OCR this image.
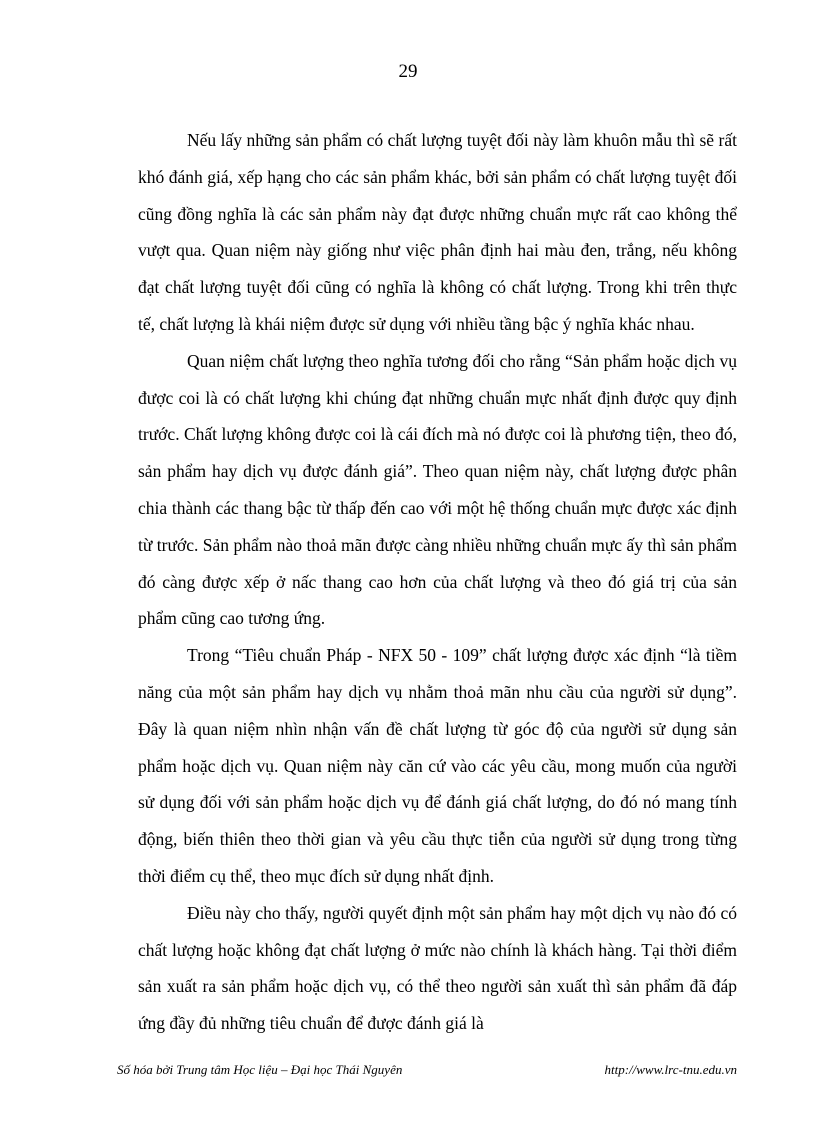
29

Nếu lấy những sản phẩm có chất lượng tuyệt đối này làm khuôn mẫu thì sẽ rất khó đánh giá, xếp hạng cho các sản phẩm khác, bởi sản phẩm có chất lượng tuyệt đối cũng đồng nghĩa là các sản phẩm này đạt được những chuẩn mực rất cao không thể vượt qua. Quan niệm này giống như việc phân định hai màu đen, trắng, nếu không đạt chất lượng tuyệt đối cũng có nghĩa là không có chất lượng. Trong khi trên thực tế, chất lượng là khái niệm được sử dụng với nhiều tầng bậc ý nghĩa khác nhau.

Quan niệm chất lượng theo nghĩa tương đối cho rằng “Sản phẩm hoặc dịch vụ được coi là có chất lượng khi chúng đạt những chuẩn mực nhất định được quy định trước. Chất lượng không được coi là cái đích mà nó được coi là phương tiện, theo đó, sản phẩm hay dịch vụ được đánh giá”. Theo quan niệm này, chất lượng được phân chia thành các thang bậc từ thấp đến cao với một hệ thống chuẩn mực được xác định từ trước. Sản phẩm nào thoả mãn được càng nhiều những chuẩn mực ấy thì sản phẩm đó càng được xếp ở nấc thang cao hơn của chất lượng và theo đó giá trị của sản phẩm cũng cao tương ứng.

Trong “Tiêu chuẩn Pháp - NFX 50 - 109” chất lượng được xác định “là tiềm năng của một sản phẩm hay dịch vụ nhằm thoả mãn nhu cầu của người sử dụng”. Đây là quan niệm nhìn nhận vấn đề chất lượng từ góc độ của người sử dụng sản phẩm hoặc dịch vụ. Quan niệm này căn cứ vào các yêu cầu, mong muốn của người sử dụng đối với sản phẩm hoặc dịch vụ để đánh giá chất lượng, do đó nó mang tính động, biến thiên theo thời gian và yêu cầu thực tiễn của người sử dụng trong từng thời điểm cụ thể, theo mục đích sử dụng nhất định.

Điều này cho thấy, người quyết định một sản phẩm hay một dịch vụ nào đó có chất lượng hoặc không đạt chất lượng ở mức nào chính là khách hàng. Tại thời điểm sản xuất ra sản phẩm hoặc dịch vụ, có thể theo người sản xuất thì sản phẩm đã đáp ứng đầy đủ những tiêu chuẩn để được đánh giá là

Số hóa bởi Trung tâm Học liệu – Đại học Thái Nguyên	http://www.lrc-tnu.edu.vn
